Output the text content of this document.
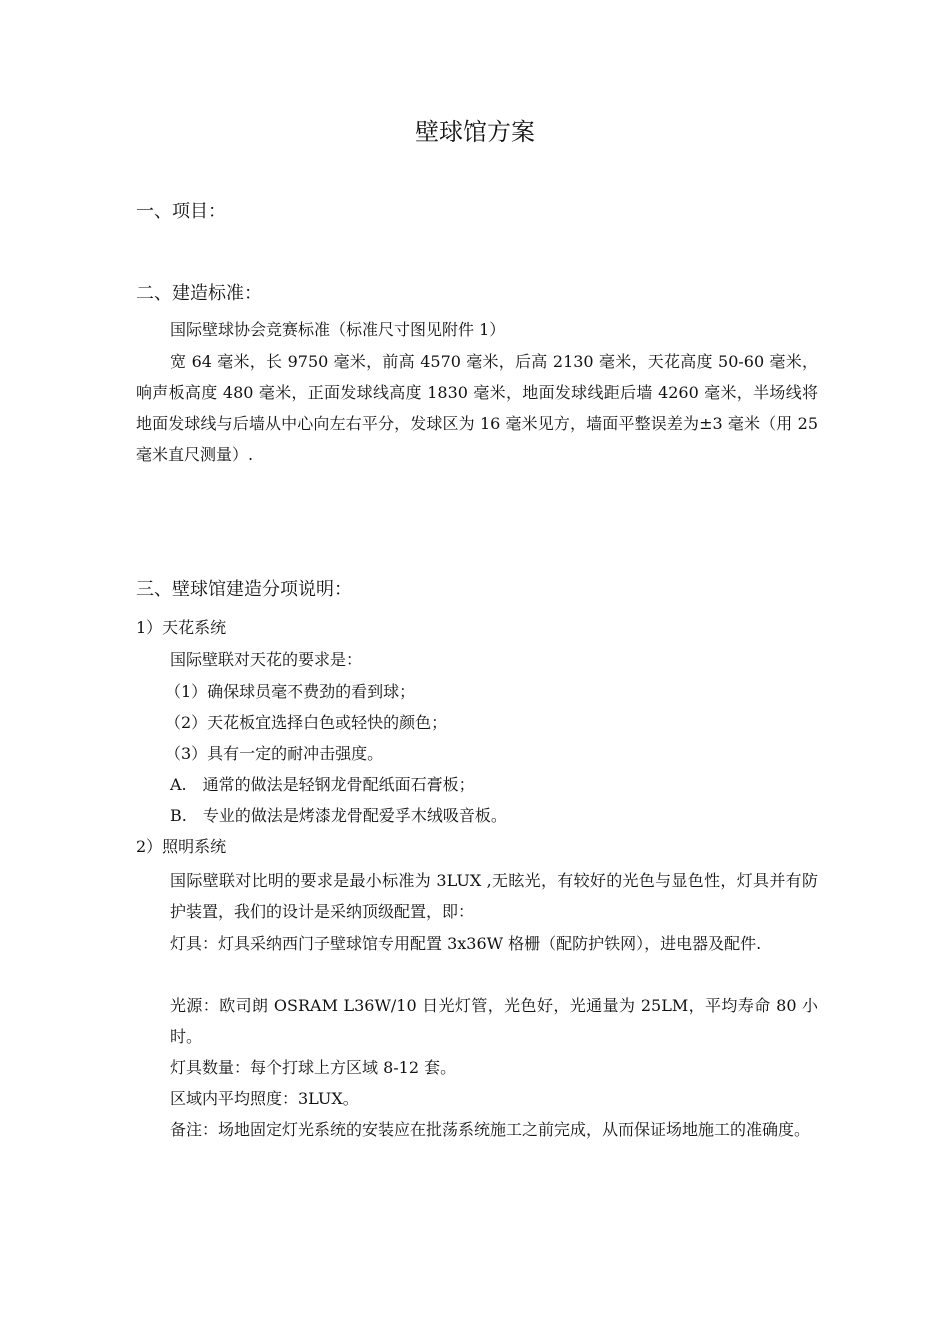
壁球馆方案
一、项目：
二、建造标准：

国际壁球协会竞赛标准（标准尺寸图见附件 1）

宽 64 毫米，长 9750 毫米，前高 4570 毫米，后高 2130 毫米，天花高度 50-60 毫米，响声板高度 480 毫米，正面发球线高度 1830 毫米，地面发球线距后墙 4260 毫米，半场线将地面发球线与后墙从中心向左右平分，发球区为 16 毫米见方，墙面平整误差为±3 毫米（用 25 毫米直尺测量）.

三、壁球馆建造分项说明：

1）天花系统

国际壁联对天花的要求是：

（1）确保球员毫不费劲的看到球；

（2）天花板宜选择白色或轻快的颜色；

（3）具有一定的耐冲击强度。

A.　通常的做法是轻钢龙骨配纸面石膏板；

B.　专业的做法是烤漆龙骨配爱孚木绒吸音板。

2）照明系统

国际壁联对比明的要求是最小标准为 3LUX ,无眩光，有较好的光色与显色性，灯具并有防护装置，我们的设计是采纳顶级配置，即：

灯具：灯具采纳西门子壁球馆专用配置 3x36W 格栅（配防护铁网），进电器及配件.

光源：欧司朗 OSRAM L36W/10 日光灯管，光色好，光通量为 25LM，平均寿命 80 小时。

灯具数量：每个打球上方区域 8-12 套。

区域内平均照度：3LUX。

备注：场地固定灯光系统的安装应在批荡系统施工之前完成，从而保证场地施工的准确度。
